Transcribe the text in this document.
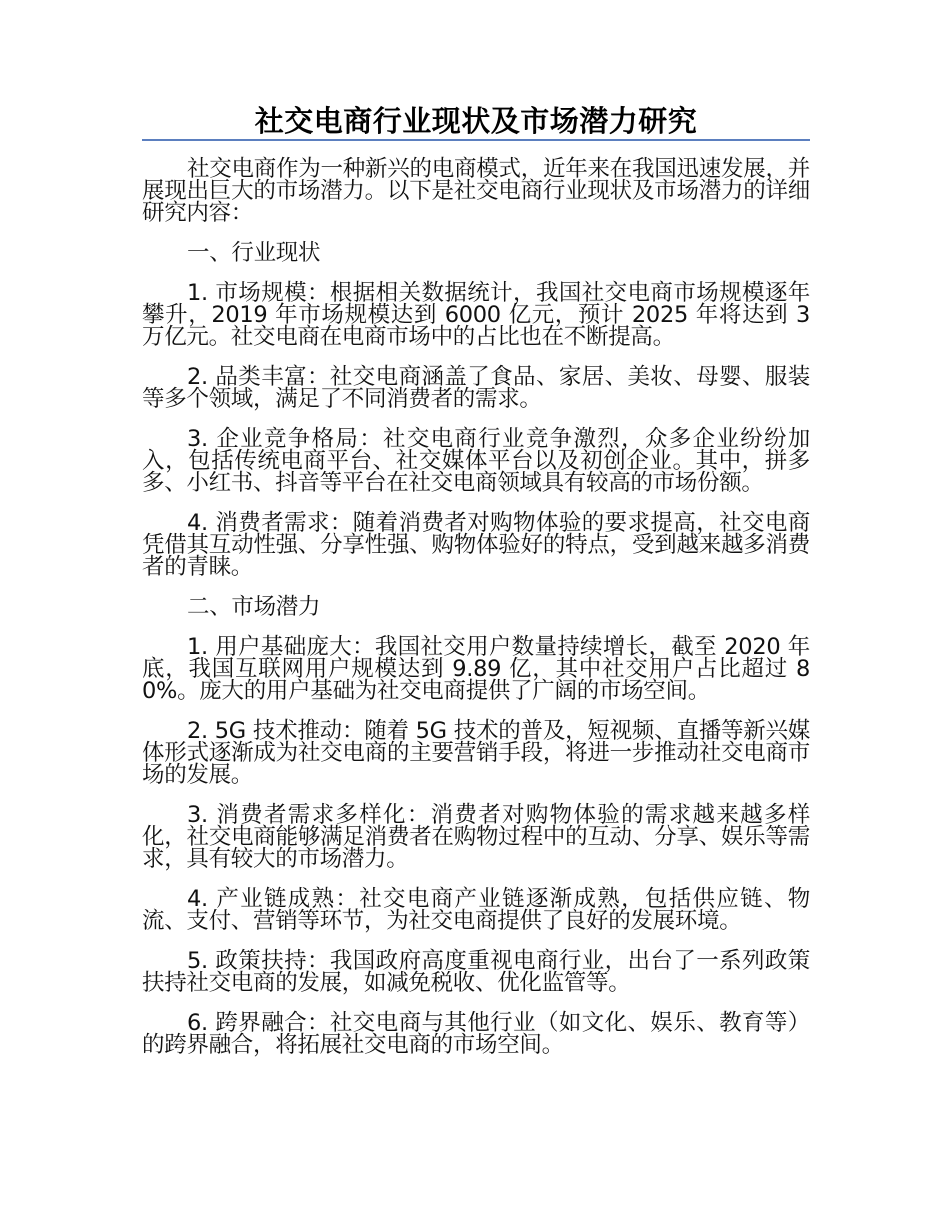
社交电商行业现状及市场潜力研究

社交电商作为一种新兴的电商模式，近年来在我国迅速发展，并展现出巨大的市场潜力。以下是社交电商行业现状及市场潜力的详细研究内容：

一、行业现状

1. 市场规模：根据相关数据统计，我国社交电商市场规模逐年攀升，2019 年市场规模达到 6000 亿元，预计 2025 年将达到 3 万亿元。社交电商在电商市场中的占比也在不断提高。

2. 品类丰富：社交电商涵盖了食品、家居、美妆、母婴、服装等多个领域，满足了不同消费者的需求。

3. 企业竞争格局：社交电商行业竞争激烈，众多企业纷纷加入，包括传统电商平台、社交媒体平台以及初创企业。其中，拼多多、小红书、抖音等平台在社交电商领域具有较高的市场份额。

4. 消费者需求：随着消费者对购物体验的要求提高，社交电商凭借其互动性强、分享性强、购物体验好的特点，受到越来越多消费者的青睐。

二、市场潜力

1. 用户基础庞大：我国社交用户数量持续增长，截至 2020 年底，我国互联网用户规模达到 9.89 亿，其中社交用户占比超过 80%。庞大的用户基础为社交电商提供了广阔的市场空间。

2. 5G 技术推动：随着 5G 技术的普及，短视频、直播等新兴媒体形式逐渐成为社交电商的主要营销手段，将进一步推动社交电商市场的发展。

3. 消费者需求多样化：消费者对购物体验的需求越来越多样化，社交电商能够满足消费者在购物过程中的互动、分享、娱乐等需求，具有较大的市场潜力。

4. 产业链成熟：社交电商产业链逐渐成熟，包括供应链、物流、支付、营销等环节，为社交电商提供了良好的发展环境。

5. 政策扶持：我国政府高度重视电商行业，出台了一系列政策扶持社交电商的发展，如减免税收、优化监管等。

6. 跨界融合：社交电商与其他行业（如文化、娱乐、教育等）的跨界融合，将拓展社交电商的市场空间。
